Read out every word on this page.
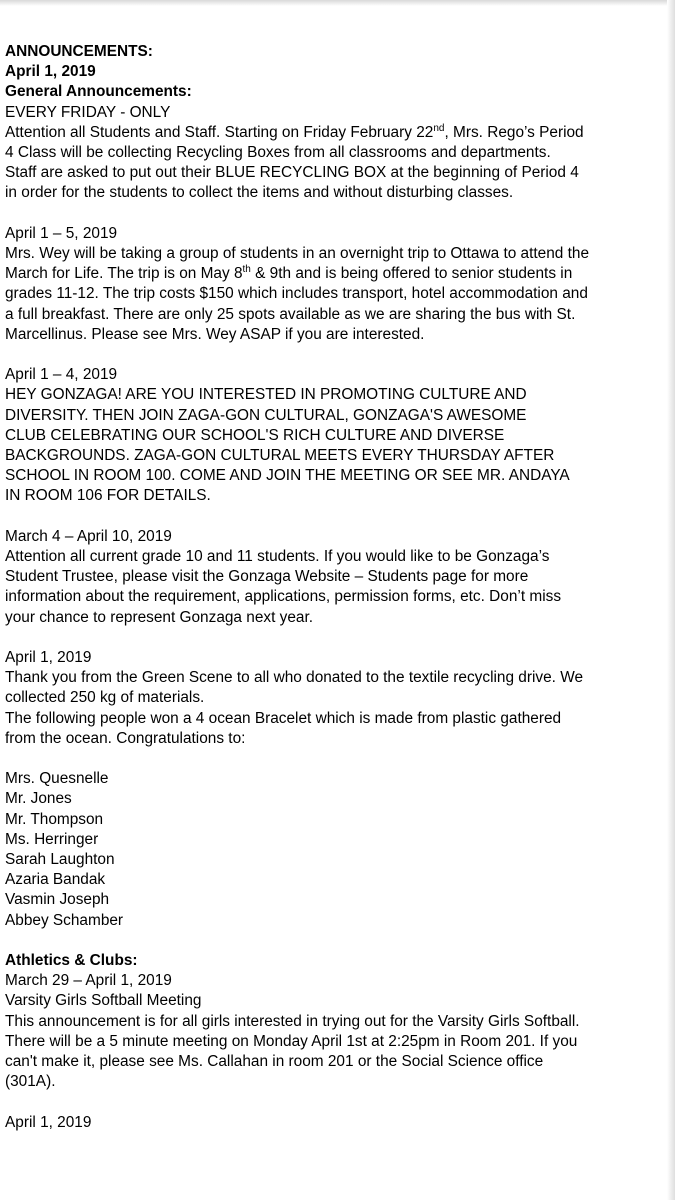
ANNOUNCEMENTS:
April 1, 2019
General Announcements:
EVERY FRIDAY - ONLY
Attention all Students and Staff. Starting on Friday February 22nd, Mrs. Rego’s Period
4 Class will be collecting Recycling Boxes from all classrooms and departments.
Staff are asked to put out their BLUE RECYCLING BOX at the beginning of Period 4
in order for the students to collect the items and without disturbing classes.
April 1 – 5, 2019
Mrs. Wey will be taking a group of students in an overnight trip to Ottawa to attend the
March for Life. The trip is on May 8th & 9th and is being offered to senior students in
grades 11-12. The trip costs $150 which includes transport, hotel accommodation and
a full breakfast. There are only 25 spots available as we are sharing the bus with St.
Marcellinus. Please see Mrs. Wey ASAP if you are interested.
April 1 – 4, 2019
HEY GONZAGA! ARE YOU INTERESTED IN PROMOTING CULTURE AND
DIVERSITY. THEN JOIN ZAGA-GON CULTURAL, GONZAGA'S AWESOME
CLUB CELEBRATING OUR SCHOOL'S RICH CULTURE AND DIVERSE
BACKGROUNDS. ZAGA-GON CULTURAL MEETS EVERY THURSDAY AFTER
SCHOOL IN ROOM 100. COME AND JOIN THE MEETING OR SEE MR. ANDAYA
IN ROOM 106 FOR DETAILS.
March 4 – April 10, 2019
Attention all current grade 10 and 11 students. If you would like to be Gonzaga’s
Student Trustee, please visit the Gonzaga Website – Students page for more
information about the requirement, applications, permission forms, etc. Don’t miss
your chance to represent Gonzaga next year.
April 1, 2019
Thank you from the Green Scene to all who donated to the textile recycling drive. We
collected 250 kg of materials.
The following people won a 4 ocean Bracelet which is made from plastic gathered
from the ocean. Congratulations to:
Mrs. Quesnelle
Mr. Jones
Mr. Thompson
Ms. Herringer
Sarah Laughton
Azaria Bandak
Vasmin Joseph
Abbey Schamber
Athletics & Clubs:
March 29 – April 1, 2019
Varsity Girls Softball Meeting
This announcement is for all girls interested in trying out for the Varsity Girls Softball.
There will be a 5 minute meeting on Monday April 1st at 2:25pm in Room 201. If you
can't make it, please see Ms. Callahan in room 201 or the Social Science office
(301A).
April 1, 2019
